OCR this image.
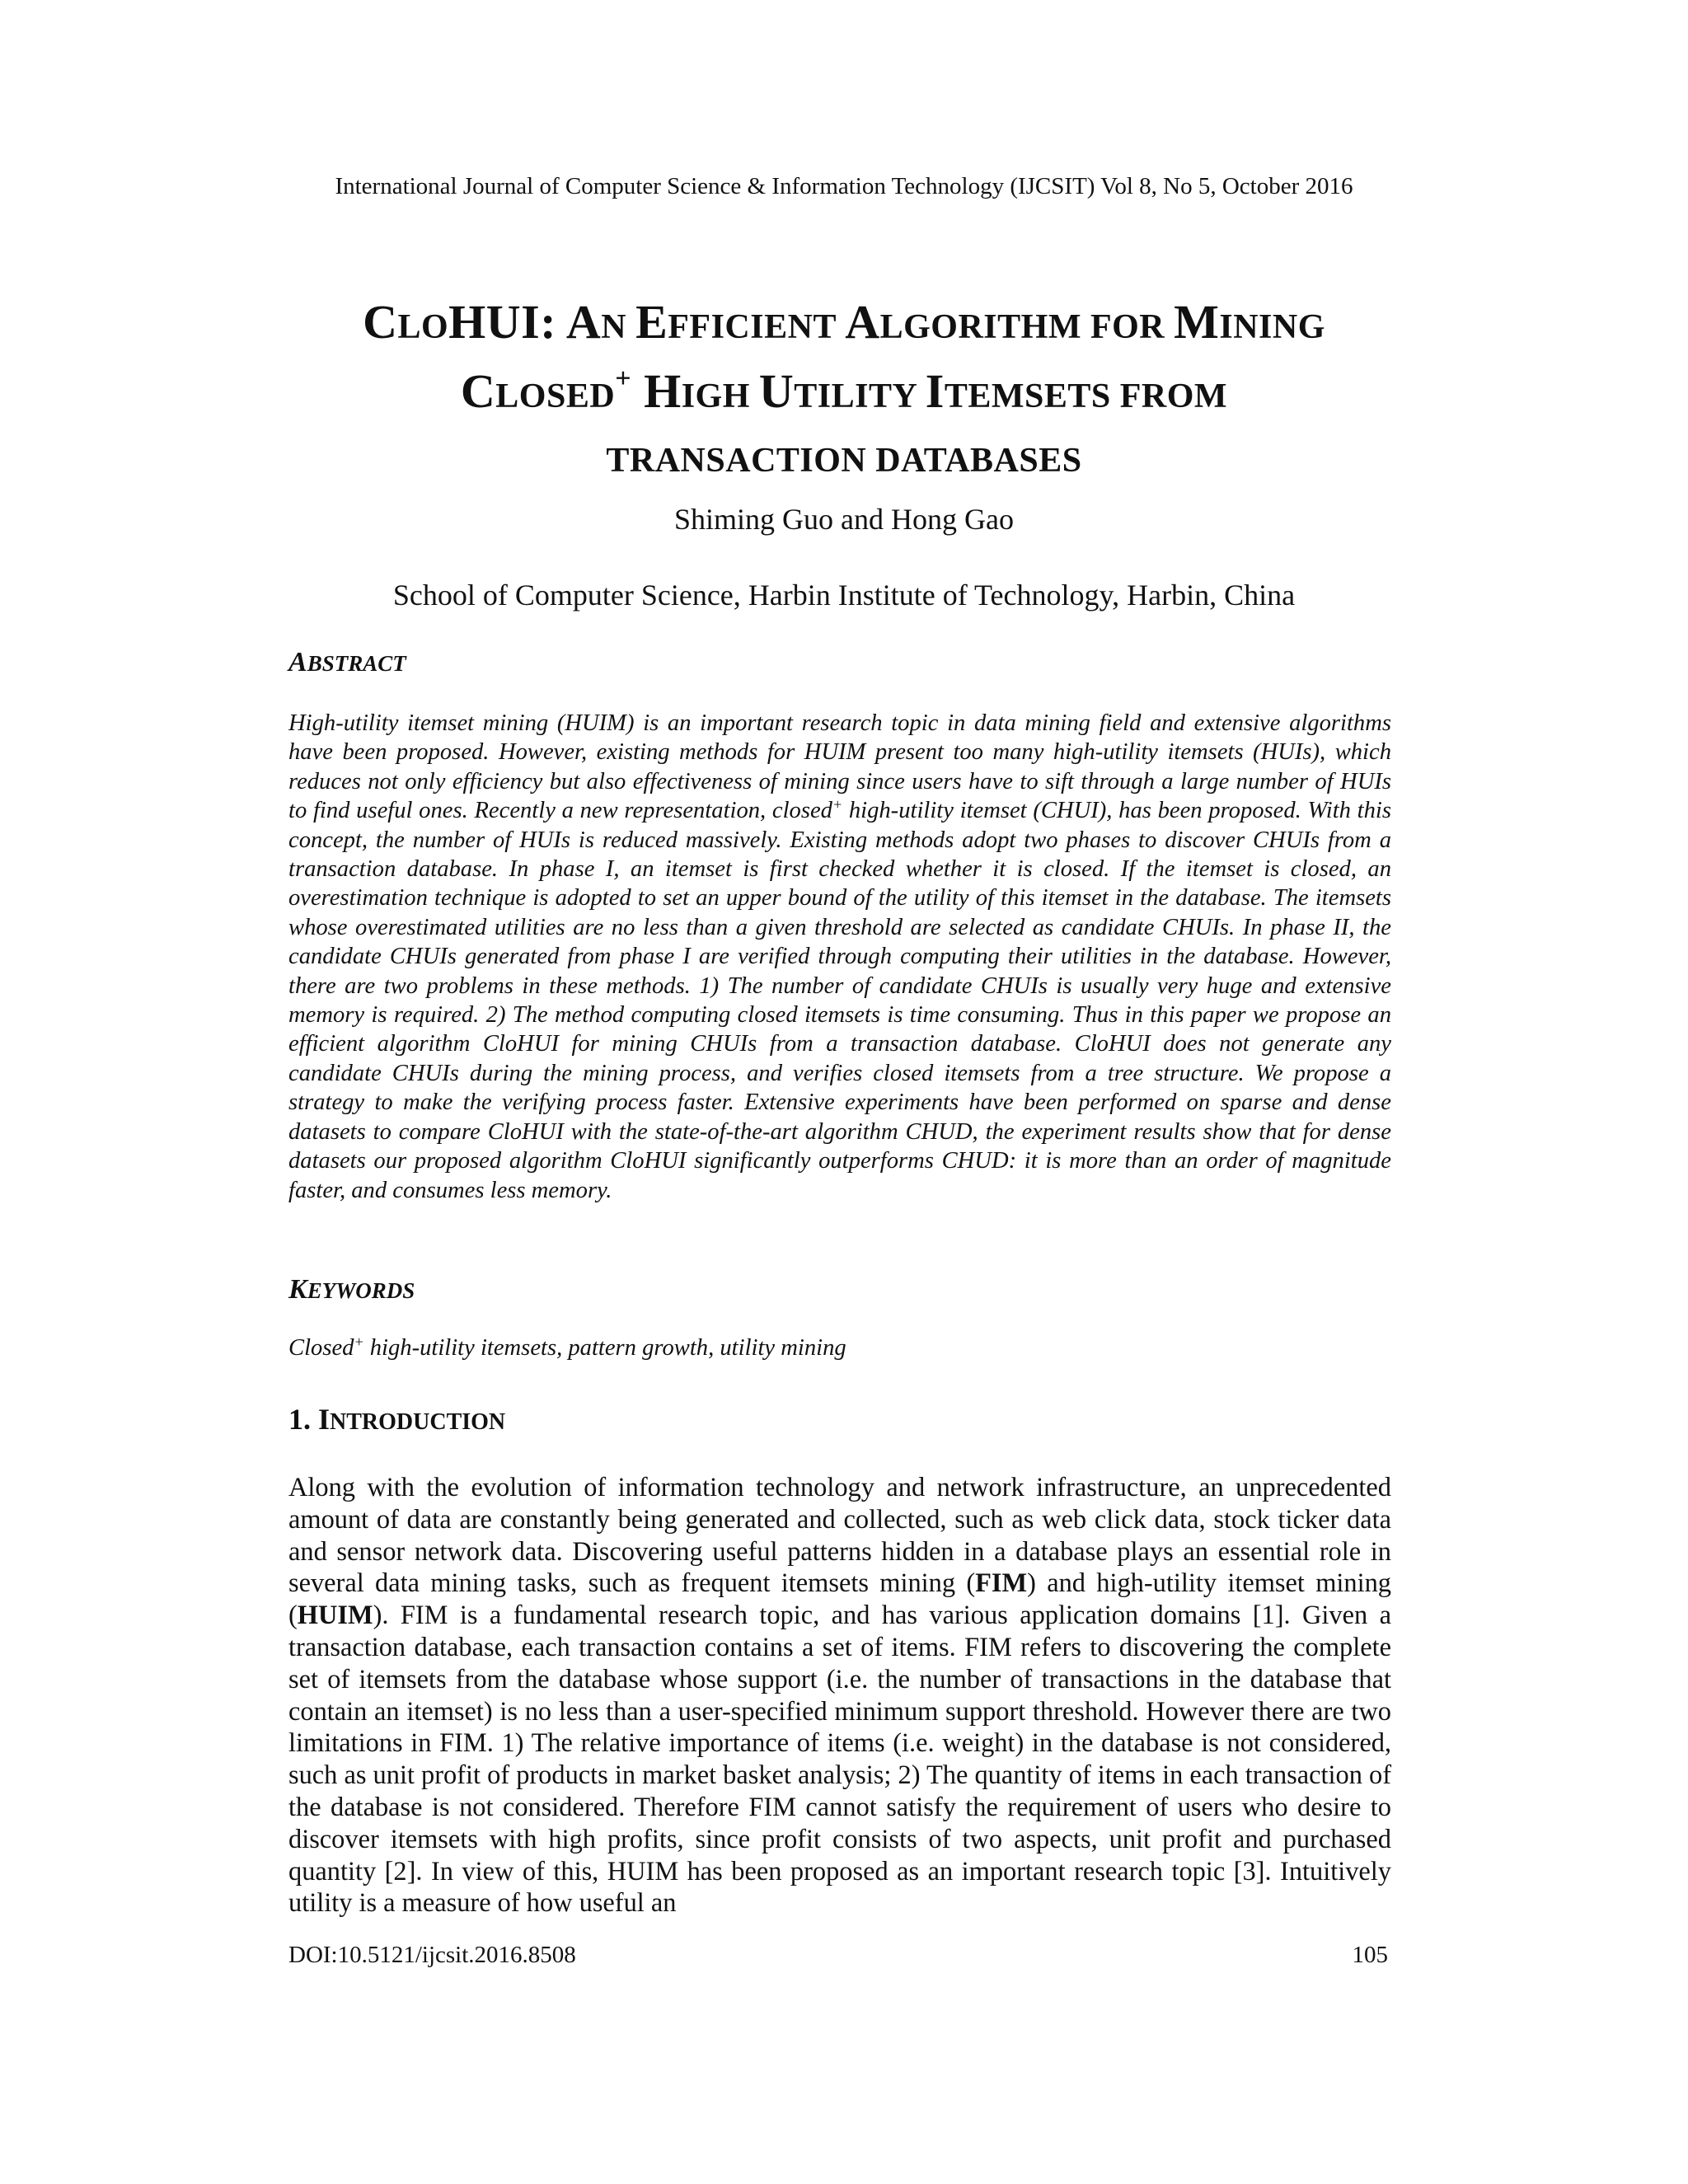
International Journal of Computer Science & Information Technology (IJCSIT) Vol 8, No 5, October 2016
CLOHUI: AN EFFICIENT ALGORITHM FOR MINING
CLOSED+ HIGH UTILITY ITEMSETS FROM
TRANSACTION DATABASES
Shiming Guo and Hong Gao
School of Computer Science, Harbin Institute of Technology, Harbin, China
ABSTRACT
High-utility itemset mining (HUIM) is an important research topic in data mining field and extensive algorithms have been proposed. However, existing methods for HUIM present too many high-utility itemsets (HUIs), which reduces not only efficiency but also effectiveness of mining since users have to sift through a large number of HUIs to find useful ones. Recently a new representation, closed+ high-utility itemset (CHUI), has been proposed. With this concept, the number of HUIs is reduced massively. Existing methods adopt two phases to discover CHUIs from a transaction database. In phase I, an itemset is first checked whether it is closed. If the itemset is closed, an overestimation technique is adopted to set an upper bound of the utility of this itemset in the database. The itemsets whose overestimated utilities are no less than a given threshold are selected as candidate CHUIs. In phase II, the candidate CHUIs generated from phase I are verified through computing their utilities in the database. However, there are two problems in these methods. 1) The number of candidate CHUIs is usually very huge and extensive memory is required. 2) The method computing closed itemsets is time consuming. Thus in this paper we propose an efficient algorithm CloHUI for mining CHUIs from a transaction database. CloHUI does not generate any candidate CHUIs during the mining process, and verifies closed itemsets from a tree structure. We propose a strategy to make the verifying process faster. Extensive experiments have been performed on sparse and dense datasets to compare CloHUI with the state-of-the-art algorithm CHUD, the experiment results show that for dense datasets our proposed algorithm CloHUI significantly outperforms CHUD: it is more than an order of magnitude faster, and consumes less memory.
KEYWORDS
Closed+ high-utility itemsets, pattern growth, utility mining
1. INTRODUCTION
Along with the evolution of information technology and network infrastructure, an unprecedented amount of data are constantly being generated and collected, such as web click data, stock ticker data and sensor network data. Discovering useful patterns hidden in a database plays an essential role in several data mining tasks, such as frequent itemsets mining (FIM) and high-utility itemset mining (HUIM). FIM is a fundamental research topic, and has various application domains [1]. Given a transaction database, each transaction contains a set of items. FIM refers to discovering the complete set of itemsets from the database whose support (i.e. the number of transactions in the database that contain an itemset) is no less than a user-specified minimum support threshold. However there are two limitations in FIM. 1) The relative importance of items (i.e. weight) in the database is not considered, such as unit profit of products in market basket analysis; 2) The quantity of items in each transaction of the database is not considered. Therefore FIM cannot satisfy the requirement of users who desire to discover itemsets with high profits, since profit consists of two aspects, unit profit and purchased quantity [2]. In view of this, HUIM has been proposed as an important research topic [3]. Intuitively utility is a measure of how useful an
DOI:10.5121/ijcsit.2016.8508	105
